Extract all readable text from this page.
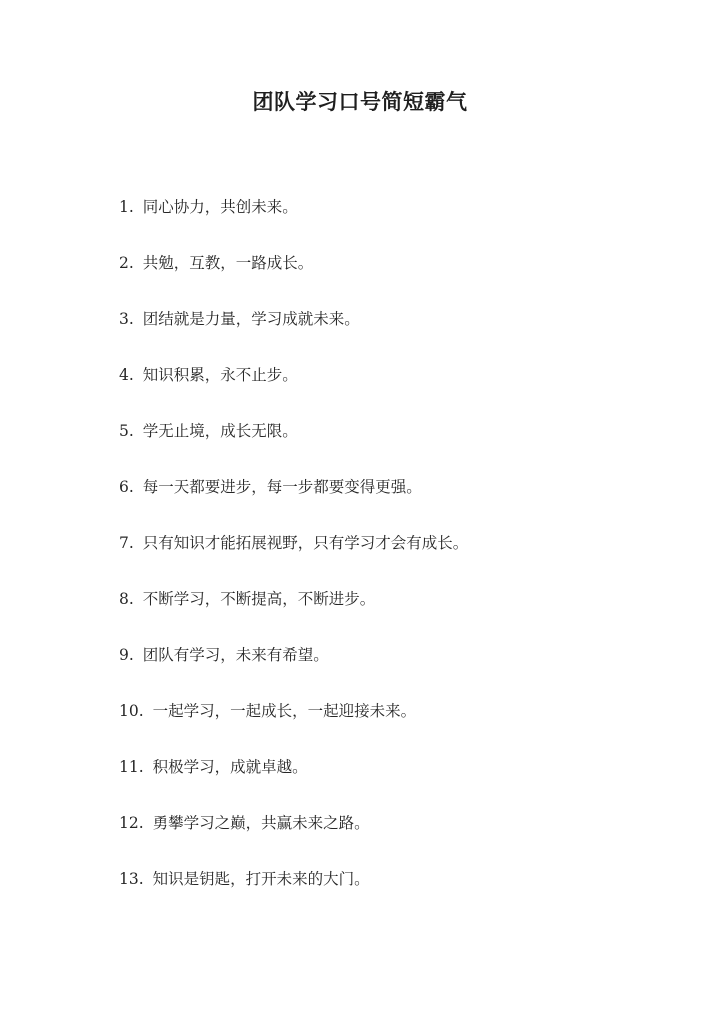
团队学习口号简短霸气
1. 同心协力，共创未来。
2. 共勉，互教，一路成长。
3. 团结就是力量，学习成就未来。
4. 知识积累，永不止步。
5. 学无止境，成长无限。
6. 每一天都要进步，每一步都要变得更强。
7. 只有知识才能拓展视野，只有学习才会有成长。
8. 不断学习，不断提高，不断进步。
9. 团队有学习，未来有希望。
10. 一起学习，一起成长，一起迎接未来。
11. 积极学习，成就卓越。
12. 勇攀学习之巅，共赢未来之路。
13. 知识是钥匙，打开未来的大门。
